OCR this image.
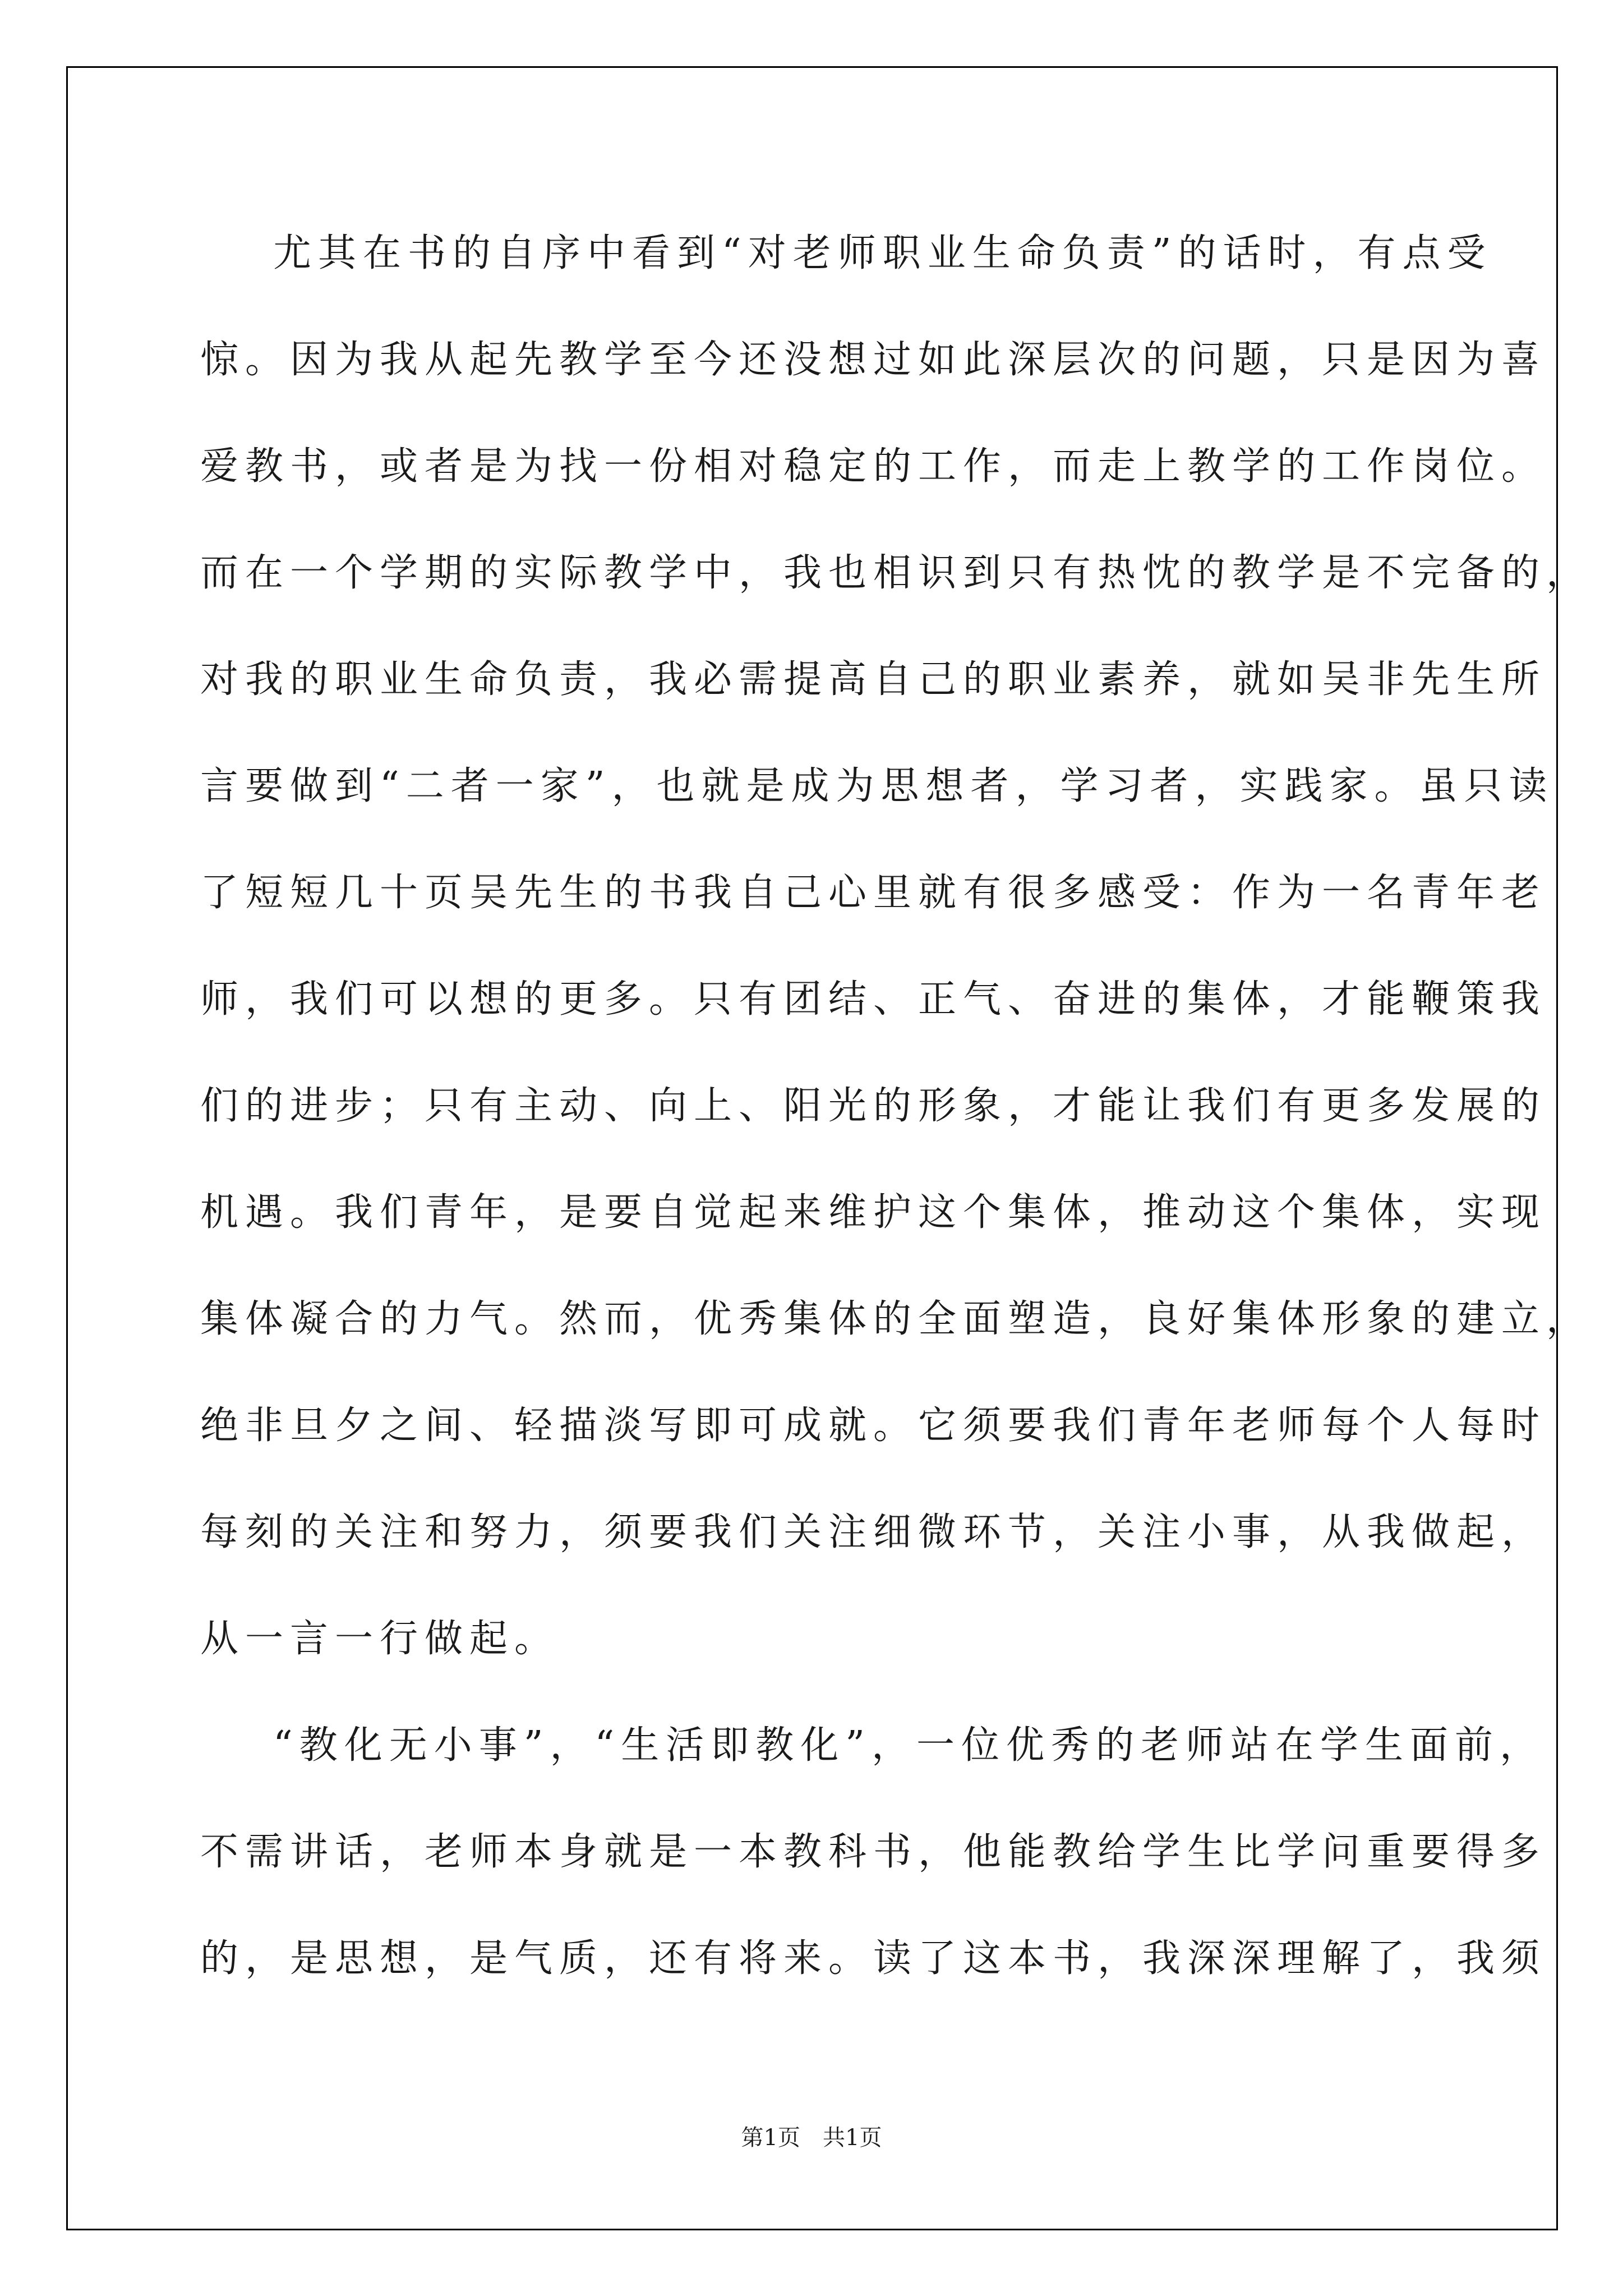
尤其在书的自序中看到“对老师职业生命负责”的话时，有点受
惊。因为我从起先教学至今还没想过如此深层次的问题，只是因为喜
爱教书，或者是为找一份相对稳定的工作，而走上教学的工作岗位。
而在一个学期的实际教学中，我也相识到只有热忱的教学是不完备的，
对我的职业生命负责，我必需提高自己的职业素养，就如吴非先生所
言要做到“二者一家”，也就是成为思想者，学习者，实践家。虽只读
了短短几十页吴先生的书我自己心里就有很多感受：作为一名青年老
师，我们可以想的更多。只有团结、正气、奋进的集体，才能鞭策我
们的进步；只有主动、向上、阳光的形象，才能让我们有更多发展的
机遇。我们青年，是要自觉起来维护这个集体，推动这个集体，实现
集体凝合的力气。然而，优秀集体的全面塑造，良好集体形象的建立，
绝非旦夕之间、轻描淡写即可成就。它须要我们青年老师每个人每时
每刻的关注和努力，须要我们关注细微环节，关注小事，从我做起，
从一言一行做起。
“教化无小事”，“生活即教化”，一位优秀的老师站在学生面前，
不需讲话，老师本身就是一本教科书，他能教给学生比学问重要得多
的，是思想，是气质，还有将来。读了这本书，我深深理解了，我须
第1页　共1页
